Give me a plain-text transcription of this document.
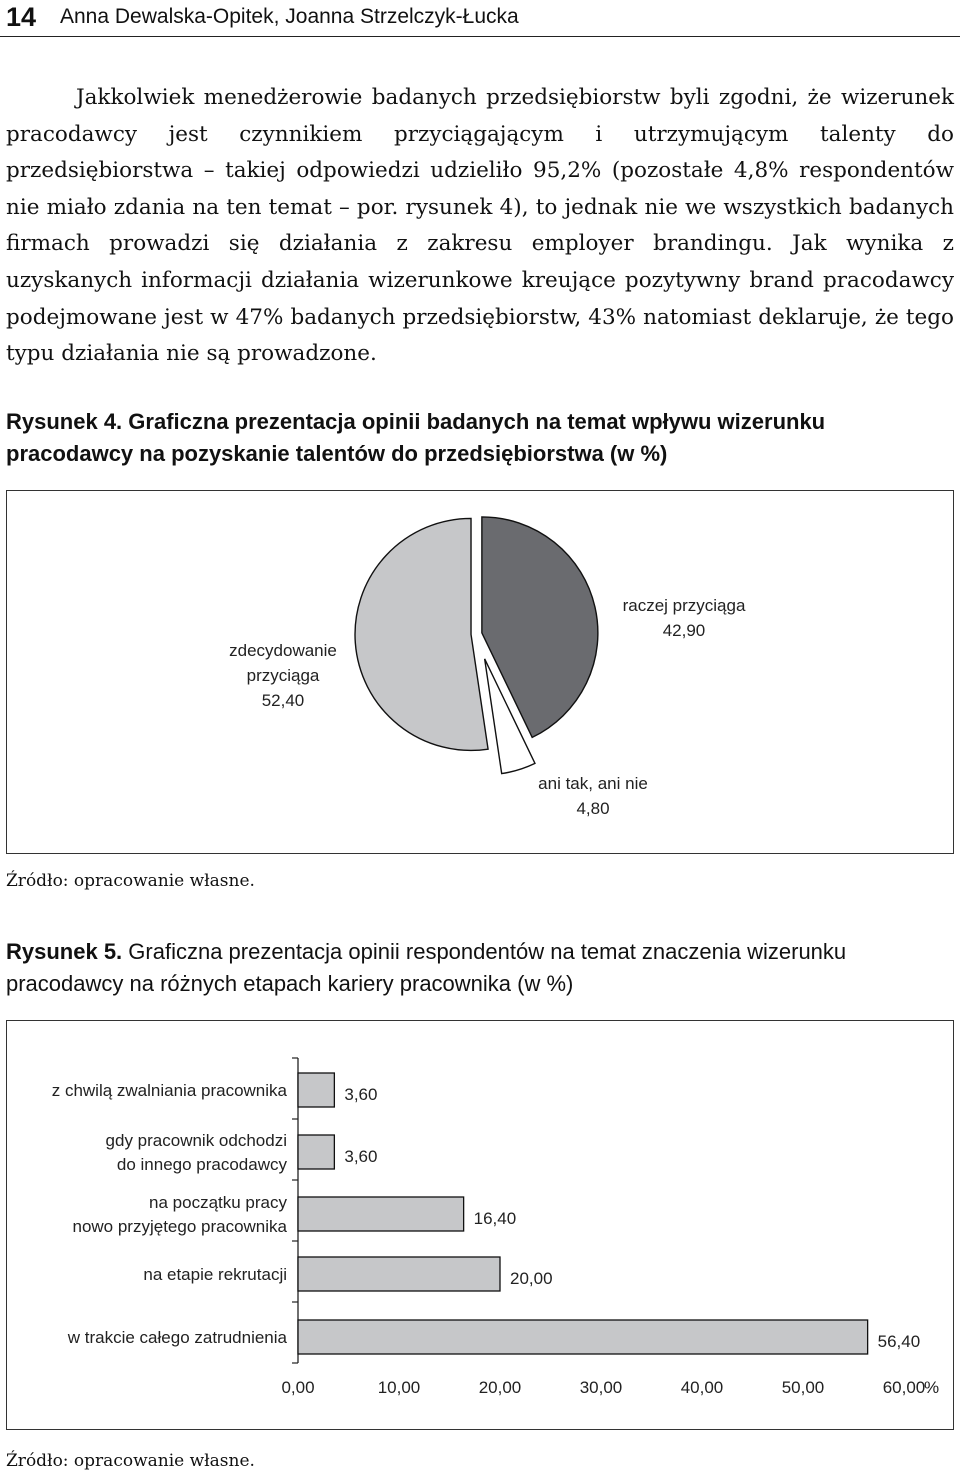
14 Anna Dewalska-Opitek, Joanna Strzelczyk-Łucka

Jakkolwiek menedżerowie badanych przedsiębiorstw byli zgodni, że wizerunek pracodawcy jest czynnikiem przyciągającym i utrzymującym talenty do przedsiębiorstwa – takiej odpowiedzi udzieliło 95,2% (pozostałe 4,8% respondentów nie miało zdania na ten temat – por. rysunek 4), to jednak nie we wszystkich badanych firmach prowadzi się działania z zakresu employer brandingu. Jak wynika z uzyskanych informacji działania wizerunkowe kreujące pozytywny brand pracodawcy podejmowane jest w 47% badanych przedsiębiorstw, 43% natomiast deklaruje, że tego typu działania nie są prowadzone.

Rysunek 4. Graficzna prezentacja opinii badanych na temat wpływu wizerunku pracodawcy na pozyskanie talentów do przedsiębiorstwa (w %)

raczej przyciąga
42,90
ani tak, ani nie
4,80
zdecydowanie
przyciąga
52,40

Źródło: opracowanie własne.

Rysunek 5. Graficzna prezentacja opinii respondentów na temat znaczenia wizerunku pracodawcy na różnych etapach kariery pracownika (w %)

3,60
z chwilą zwalniania pracownika
3,60
gdy pracownik odchodzi
do innego pracodawcy
16,40
na początku pracy
nowo przyjętego pracownika
20,00
na etapie rekrutacji
56,40
w trakcie całego zatrudnienia
0,00	10,00	20,00	30,00	40,00	50,00	60,00
%

Źródło: opracowanie własne.
